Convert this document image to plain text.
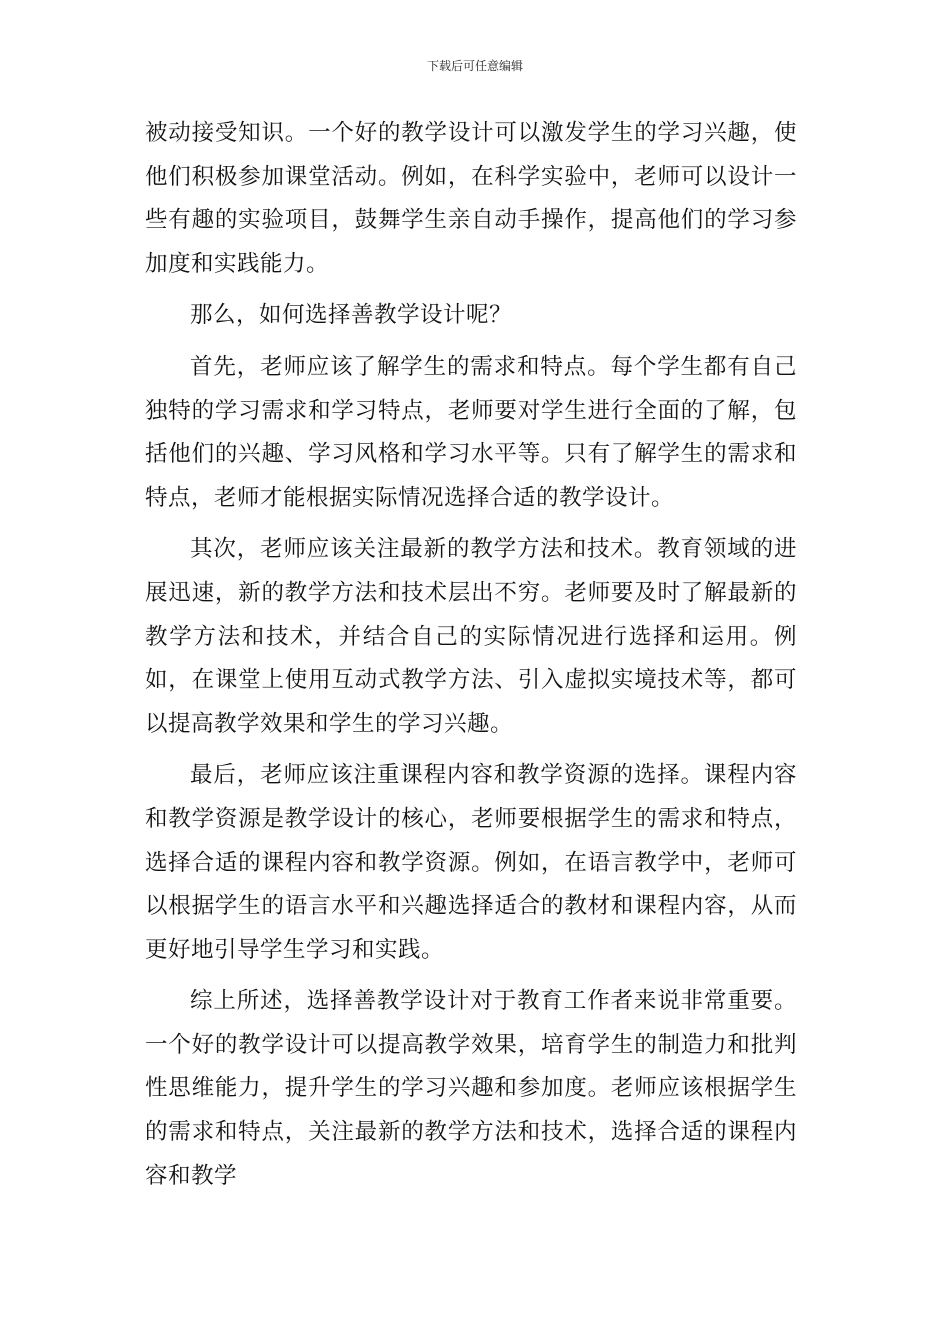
下载后可任意编辑

被动接受知识。一个好的教学设计可以激发学生的学习兴趣，使他们积极参加课堂活动。例如，在科学实验中，老师可以设计一些有趣的实验项目，鼓舞学生亲自动手操作，提高他们的学习参加度和实践能力。

那么，如何选择善教学设计呢？

首先，老师应该了解学生的需求和特点。每个学生都有自己独特的学习需求和学习特点，老师要对学生进行全面的了解，包括他们的兴趣、学习风格和学习水平等。只有了解学生的需求和特点，老师才能根据实际情况选择合适的教学设计。

其次，老师应该关注最新的教学方法和技术。教育领域的进展迅速，新的教学方法和技术层出不穷。老师要及时了解最新的教学方法和技术，并结合自己的实际情况进行选择和运用。例如，在课堂上使用互动式教学方法、引入虚拟实境技术等，都可以提高教学效果和学生的学习兴趣。

最后，老师应该注重课程内容和教学资源的选择。课程内容和教学资源是教学设计的核心，老师要根据学生的需求和特点，选择合适的课程内容和教学资源。例如，在语言教学中，老师可以根据学生的语言水平和兴趣选择适合的教材和课程内容，从而更好地引导学生学习和实践。

综上所述，选择善教学设计对于教育工作者来说非常重要。一个好的教学设计可以提高教学效果，培育学生的制造力和批判性思维能力，提升学生的学习兴趣和参加度。老师应该根据学生的需求和特点，关注最新的教学方法和技术，选择合适的课程内容和教学
